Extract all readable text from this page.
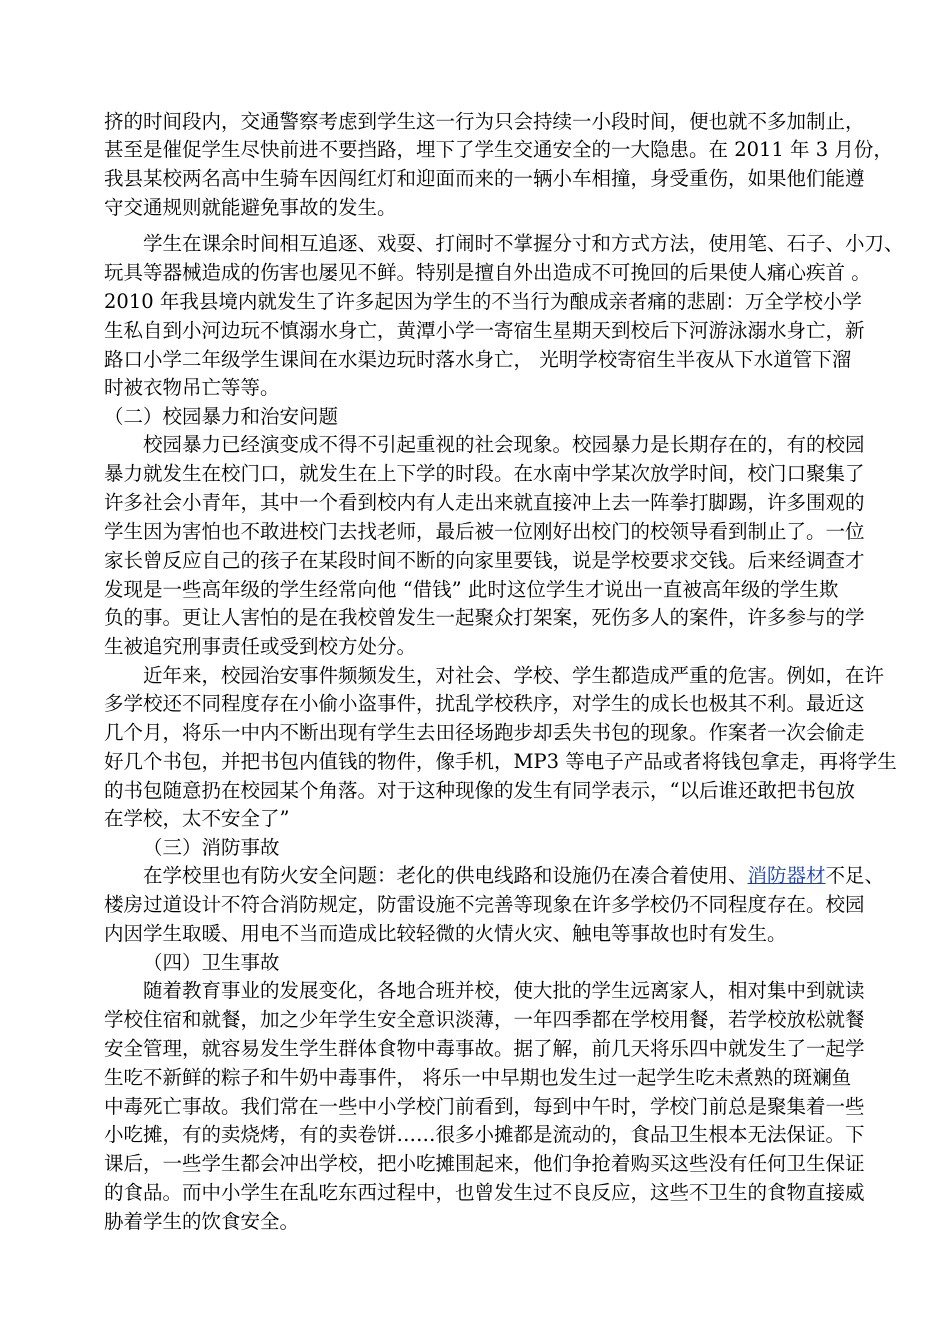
挤的时间段内，交通警察考虑到学生这一行为只会持续一小段时间，便也就不多加制止，
甚至是催促学生尽快前进不要挡路，埋下了学生交通安全的一大隐患。在 2011 年 3 月份，
我县某校两名高中生骑车因闯红灯和迎面而来的一辆小车相撞，身受重伤，如果他们能遵
守交通规则就能避免事故的发生。
学生在课余时间相互追逐、戏耍、打闹时不掌握分寸和方式方法，使用笔、石子、小刀、
玩具等器械造成的伤害也屡见不鲜。特别是擅自外出造成不可挽回的后果使人痛心疾首 。
2010 年我县境内就发生了许多起因为学生的不当行为酿成亲者痛的悲剧：万全学校小学
生私自到小河边玩不慎溺水身亡，黄潭小学一寄宿生星期天到校后下河游泳溺水身亡，新
路口小学二年级学生课间在水渠边玩时落水身亡， 光明学校寄宿生半夜从下水道管下溜
时被衣物吊亡等等。
（二）校园暴力和治安问题
校园暴力已经演变成不得不引起重视的社会现象。校园暴力是长期存在的，有的校园
暴力就发生在校门口，就发生在上下学的时段。在水南中学某次放学时间，校门口聚集了
许多社会小青年，其中一个看到校内有人走出来就直接冲上去一阵拳打脚踢，许多围观的
学生因为害怕也不敢进校门去找老师，最后被一位刚好出校门的校领导看到制止了。一位
家长曾反应自己的孩子在某段时间不断的向家里要钱，说是学校要求交钱。后来经调查才
发现是一些高年级的学生经常向他 “借钱” 此时这位学生才说出一直被高年级的学生欺
负的事。更让人害怕的是在我校曾发生一起聚众打架案，死伤多人的案件，许多参与的学
生被追究刑事责任或受到校方处分。
近年来，校园治安事件频频发生，对社会、学校、学生都造成严重的危害。例如，在许
多学校还不同程度存在小偷小盗事件，扰乱学校秩序，对学生的成长也极其不利。最近这
几个月，将乐一中内不断出现有学生去田径场跑步却丢失书包的现象。作案者一次会偷走
好几个书包，并把书包内值钱的物件，像手机，MP3 等电子产品或者将钱包拿走，再将学生
的书包随意扔在校园某个角落。对于这种现像的发生有同学表示，“以后谁还敢把书包放
在学校，太不安全了”
（三）消防事故
在学校里也有防火安全问题：老化的供电线路和设施仍在凑合着使用、消防器材不足、
楼房过道设计不符合消防规定，防雷设施不完善等现象在许多学校仍不同程度存在。校园
内因学生取暖、用电不当而造成比较轻微的火情火灾、触电等事故也时有发生。
（四）卫生事故
随着教育事业的发展变化，各地合班并校，使大批的学生远离家人，相对集中到就读
学校住宿和就餐，加之少年学生安全意识淡薄，一年四季都在学校用餐，若学校放松就餐
安全管理，就容易发生学生群体食物中毒事故。据了解，前几天将乐四中就发生了一起学
生吃不新鲜的粽子和牛奶中毒事件， 将乐一中早期也发生过一起学生吃未煮熟的斑斓鱼
中毒死亡事故。我们常在一些中小学校门前看到，每到中午时，学校门前总是聚集着一些
小吃摊，有的卖烧烤，有的卖卷饼……很多小摊都是流动的，食品卫生根本无法保证。下
课后，一些学生都会冲出学校，把小吃摊围起来，他们争抢着购买这些没有任何卫生保证
的食品。而中小学生在乱吃东西过程中，也曾发生过不良反应，这些不卫生的食物直接威
胁着学生的饮食安全。
